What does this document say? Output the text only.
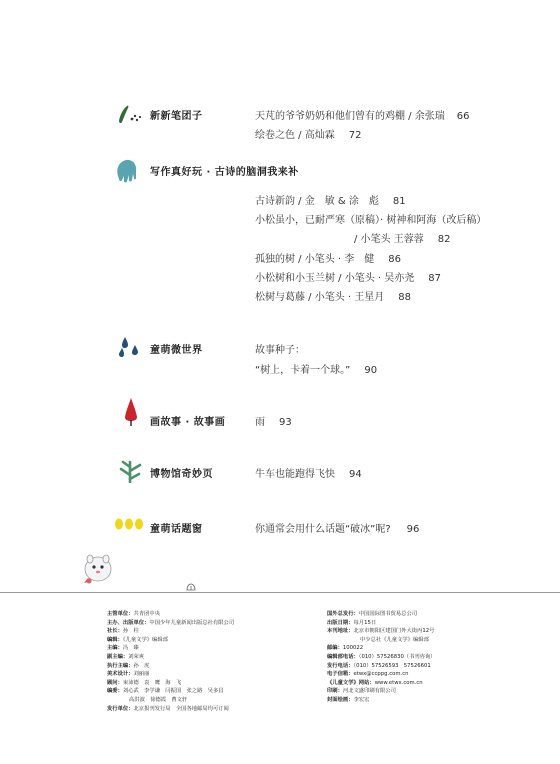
新新笔团子	天芃的爷爷奶奶和他们曾有的鸡棚 / 余张瑞 66
绘卷之色 / 高灿霖 72
写作真好玩 · 古诗的脑洞我来补
古诗新韵 / 金　敏 & 涂　彪 81
小松虽小，已耐严寒（原稿）· 树神和阿海（改后稿）
/ 小笔头 王蓉蓉 82
孤独的树 / 小笔头 · 李　健 86
小松树和小玉兰树 / 小笔头 · 吴亦尧 87
松树与葛藤 / 小笔头 · 王星月 88
童萌微世界	故事种子：
“树上，卡着一个球。” 90
画故事 · 故事画	雨 93
博物馆奇妙页	牛车也能跑得飞快 94
童萌话题窗	你通常会用什么话题“破冰”呢? 96
主管单位：共青团中央
主办、出版单位：中国少年儿童新闻出版总社有限公司
社长：孙　柱
编辑：《儿童文学》编辑部
主编：冯　臻
副主编：刘荣爽
执行主编：孙　虎
美术设计：刘丽丽
顾问：束沛德　袁　鹰　海　飞
编委：刘心武　李学谦　闫振国　张之路　吴多昌
高洪波　徐德霞　曹文轩
发行单位：北京报刊发行局　全国各地邮局均可订阅
国外总发行：中国国际图书贸易总公司
出版日期：每月15日
本刊地址：北京市朝阳区建国门外大街丙12号
中少总社《儿童文学》编辑部
邮编：100022
编辑部电话：（010）57526830（书刊咨询）
发行电话：（010）57526593　57526601
电子信箱：etwx@ccppg.com.cn
《儿童文学》网站：www.etwx.com.cn
印刷：河北文盛印刷有限公司
封面绘画：李宏宏
